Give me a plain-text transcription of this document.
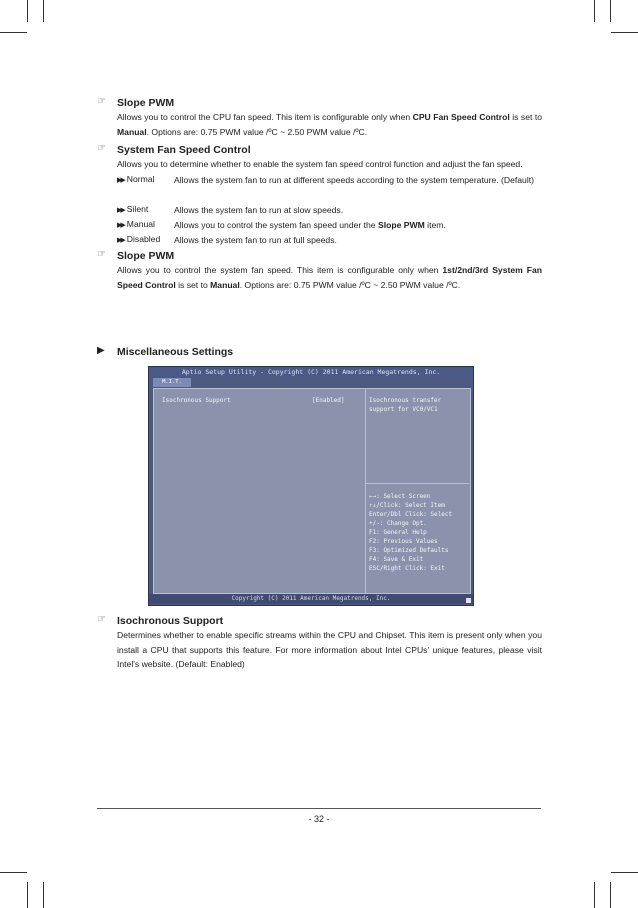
☞ Slope PWM
Allows you to control the CPU fan speed. This item is configurable only when CPU Fan Speed Control is set to Manual. Options are: 0.75 PWM value /ºC ~ 2.50 PWM value /ºC.
☞ System Fan Speed Control
Allows you to determine whether to enable the system fan speed control function and adjust the fan speed.
▶▶ Normal Allows the system fan to run at different speeds according to the system temperature. (Default)
▶▶ Silent	Allows the system fan to run at slow speeds.
▶▶ Manual Allows you to control the system fan speed under the Slope PWM item.
▶▶ Disabled Allows the system fan to run at full speeds.
☞ Slope PWM
Allows you to control the system fan speed. This item is configurable only when 1st/2nd/3rd System Fan Speed Control is set to Manual. Options are: 0.75 PWM value /ºC ~ 2.50 PWM value /ºC.
▶ Miscellaneous Settings
Aptio Setup Utility - Copyright (C) 2011 American Megatrends, Inc.
M.I.T.
Isochronous Support	[Enabled]	Isochronous transfer
support for VC0/VC1
←→: Select Screen
↑↓/Click: Select Item
Enter/Dbl Click: Select
+/-: Change Opt.
F1: General Help
F2: Previous Values
F3: Optimized Defaults
F4: Save & Exit
ESC/Right Click: Exit
Copyright (C) 2011 American Megatrends, Inc.
☞ Isochronous Support
Determines whether to enable specific streams within the CPU and Chipset. This item is present only when you install a CPU that supports this feature. For more information about Intel CPUs' unique features, please visit Intel's website. (Default: Enabled)
- 32 -
